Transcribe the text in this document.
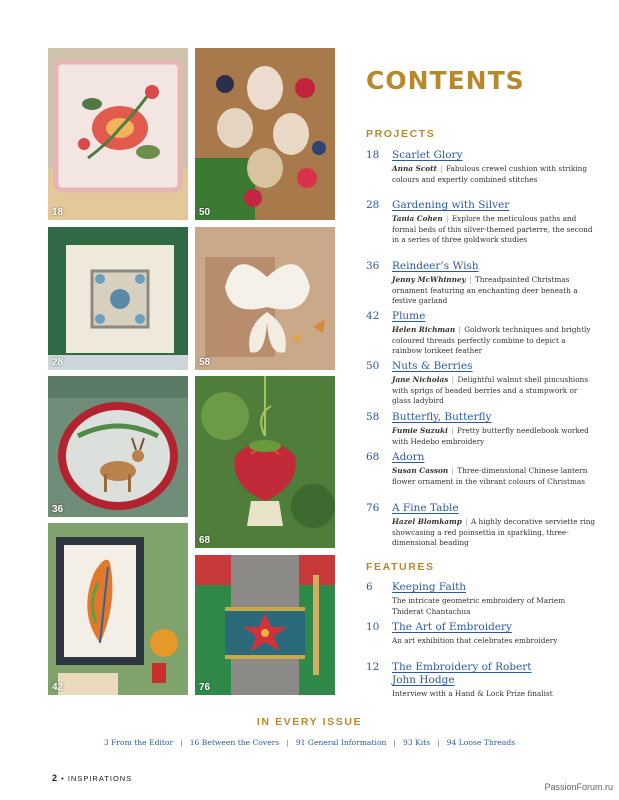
18	50
28	58
36
68
42	76
CONTENTS
PROJECTS
18	Scarlet Glory
Anna Scott | Fabulous crewel cushion with striking colours and expertly combined stitches
28	Gardening with Silver
Tania Cohen | Explore the meticulous paths and formal beds of this silver-themed parterre, the second in a series of three goldwork studies
36	Reindeer’s Wish
Jenny McWhinney | Threadpainted Christmas ornament featuring an enchanting deer beneath a festive garland
42	Plume
Helen Richman | Goldwork techniques and brightly coloured threads perfectly combine to depict a rainbow lorikeet feather
50	Nuts & Berries
Jane Nicholas | Delightful walnut shell pincushions with sprigs of beaded berries and a stumpwork or glass ladybird
58	Butterfly, Butterfly
Fumie Suzuki | Pretty butterfly needlebook worked with Hedebo embroidery
68	Adorn
Susan Casson | Three-dimensional Chinese lantern flower ornament in the vibrant colours of Christmas
76	A Fine Table
Hazel Blomkamp | A highly decorative serviette ring showcasing a red poinsettia in sparkling, three-dimensional beading
FEATURES
6	Keeping Faith
The intricate geometric embroidery of Mariem Thiderat Chantachua
10	The Art of Embroidery
An art exhibition that celebrates embroidery
12	The Embroidery of Robert John Hodge
Interview with a Hand & Lock Prize finalist
IN EVERY ISSUE
3 From the Editor | 16 Between the Covers | 91 General Information | 93 Kits | 94 Loose Threads
2 • INSPIRATIONS
PassionForum.ru
